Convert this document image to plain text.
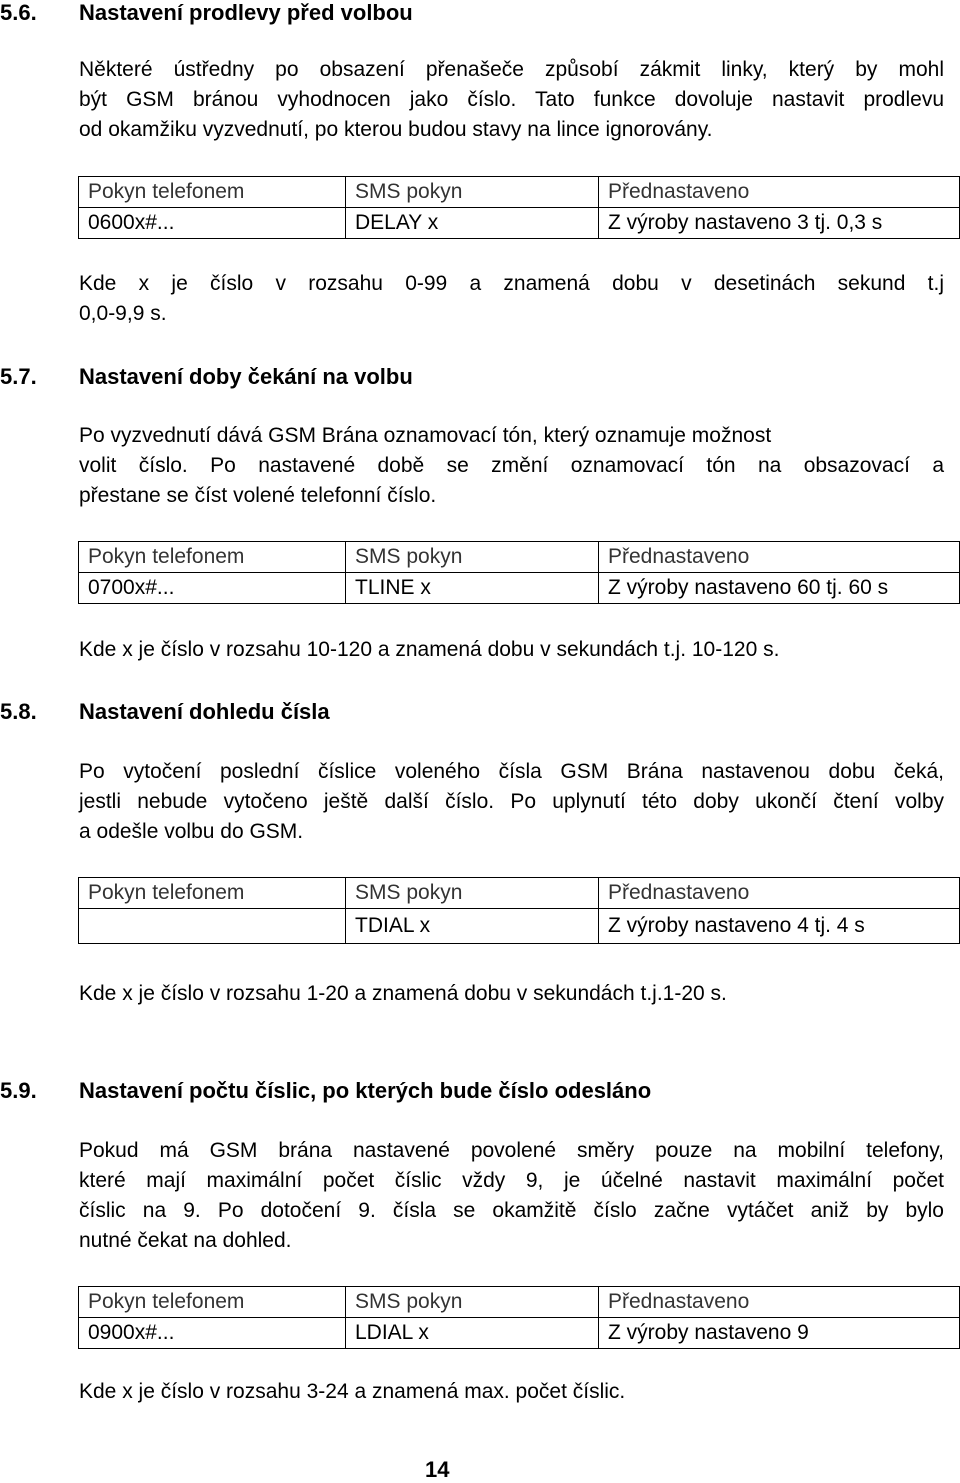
5.6. Nastavení prodlevy před volbou
Některé ústředny po obsazení přenašeče způsobí zákmit linky, který by mohl
být GSM bránou vyhodnocen jako číslo. Tato funkce dovoluje nastavit prodlevu
od okamžiku vyzvednutí, po kterou budou stavy na lince ignorovány.
Pokyn telefonem	SMS pokyn	Přednastaveno
0600x#...	DELAY x	Z výroby nastaveno 3 tj. 0,3 s
Kde x je číslo v rozsahu 0-99 a znamená dobu v desetinách sekund t.j
0,0-9,9 s.
5.7. Nastavení doby čekání na volbu
Po vyzvednutí dává GSM Brána oznamovací tón, který oznamuje možnost
volit číslo. Po nastavené době se změní oznamovací tón na obsazovací a
přestane se číst volené telefonní číslo.
Pokyn telefonem	SMS pokyn	Přednastaveno
0700x#...	TLINE x	Z výroby nastaveno 60 tj. 60 s
Kde x je číslo v rozsahu 10-120 a znamená dobu v sekundách t.j. 10-120 s.
5.8. Nastavení dohledu čísla
Po vytočení poslední číslice voleného čísla GSM Brána nastavenou dobu čeká,
jestli nebude vytočeno ještě další číslo. Po uplynutí této doby ukončí čtení volby
a odešle volbu do GSM.
Pokyn telefonem	SMS pokyn	Přednastaveno
	TDIAL x	Z výroby nastaveno 4 tj. 4 s
Kde x je číslo v rozsahu 1-20 a znamená dobu v sekundách t.j.1-20 s.
5.9. Nastavení počtu číslic, po kterých bude číslo odesláno
Pokud má GSM brána nastavené povolené směry pouze na mobilní telefony,
které mají maximální počet číslic vždy 9, je účelné nastavit maximální počet
číslic na 9. Po dotočení 9. čísla se okamžitě číslo začne vytáčet aniž by bylo
nutné čekat na dohled.
Pokyn telefonem	SMS pokyn	Přednastaveno
0900x#...	LDIAL x	Z výroby nastaveno 9
Kde x je číslo v rozsahu 3-24 a znamená max. počet číslic.
14
